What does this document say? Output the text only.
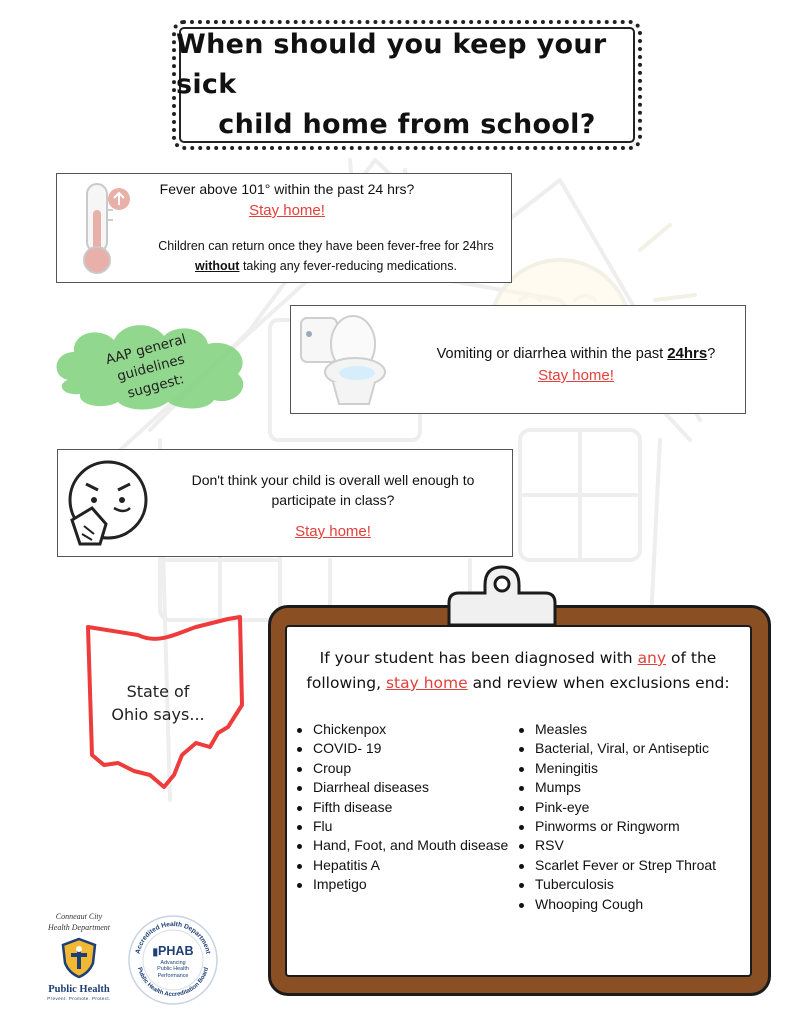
When should you keep your sick
child home from school?
Fever above 101° within the past 24 hrs?
Stay home!
Children can return once they have been fever-free for 24hrs
without taking any fever-reducing medications.
AAP general guidelines suggest:
Vomiting or diarrhea within the past 24hrs?
Stay home!
Don't think your child is overall well enough to
participate in class?
Stay home!
State of
Ohio says...
If your student has been diagnosed with any of the
following, stay home and review when exclusions end:
Chickenpox
COVID- 19
Croup
Diarrheal diseases
Fifth disease
Flu
Hand, Foot, and Mouth disease
Hepatitis A
Impetigo
Measles
Bacterial, Viral, or Antiseptic
Meningitis
Mumps
Pink-eye
Pinworms or Ringworm
RSV
Scarlet Fever or Strep Throat
Tuberculosis
Whooping Cough
Conneaut City
Health Department
Public Health
Prevent. Promote. Protect.
Accredited Health Department
Public Health Accreditation Board
▮PHAB
Advancing
Public Health
Performance
